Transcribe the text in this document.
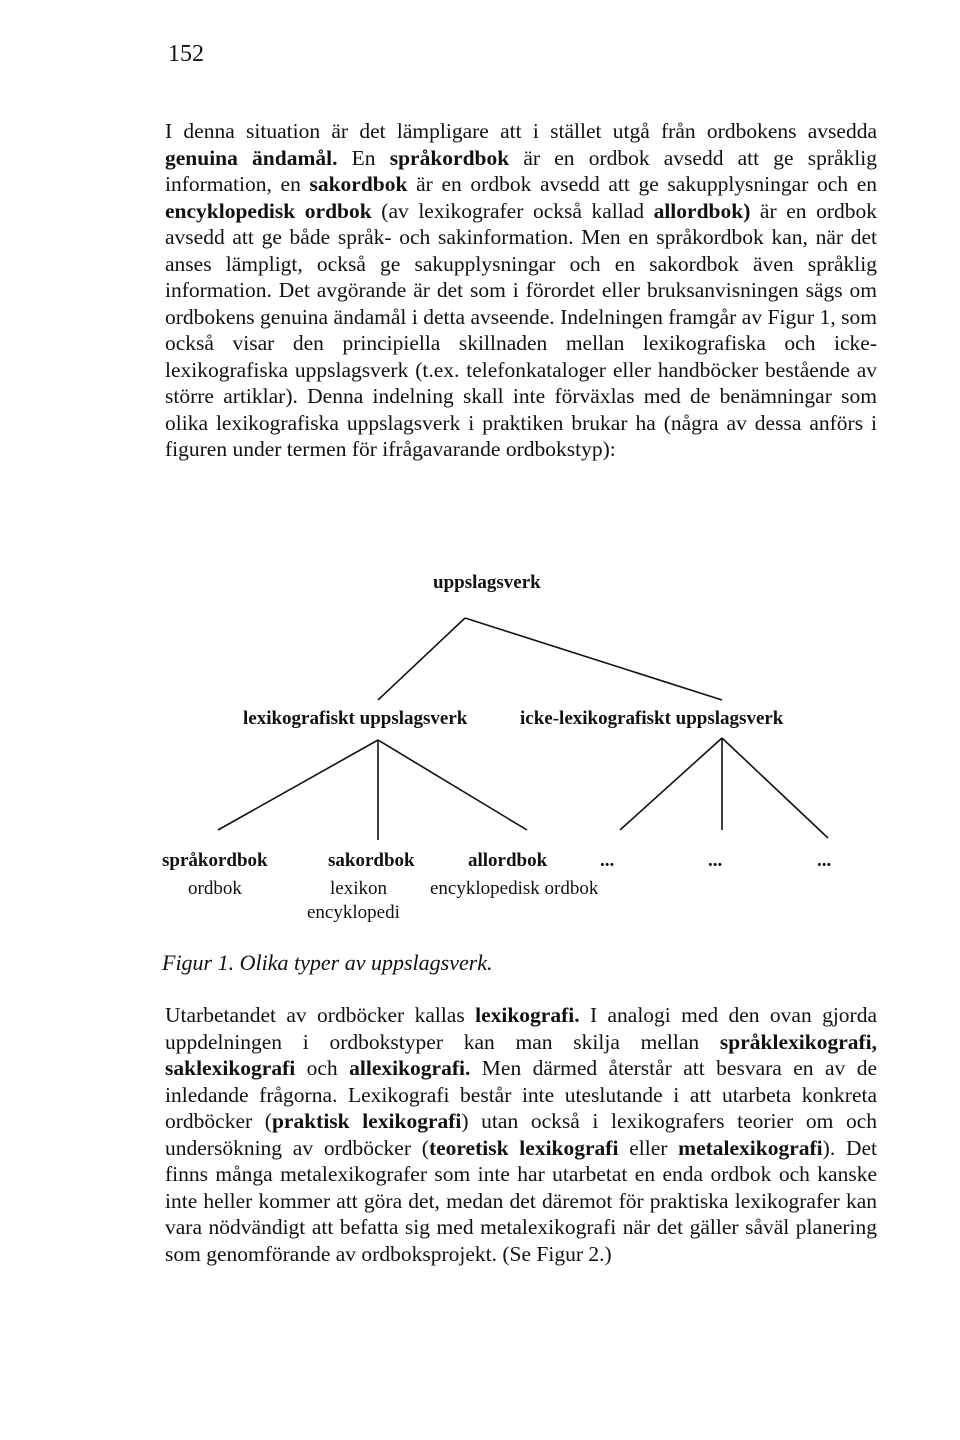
152
I denna situation är det lämpligare att i stället utgå från ordbokens avsedda genuina ändamål. En språkordbok är en ordbok avsedd att ge språklig information, en sakordbok är en ordbok avsedd att ge sakupplysningar och en encyklopedisk ordbok (av lexikografer också kallad allordbok) är en ordbok avsedd att ge både språk- och sakinformation. Men en språkordbok kan, när det anses lämpligt, också ge sakupplysningar och en sakordbok även språklig information. Det avgörande är det som i förordet eller bruksanvisningen sägs om ordbokens genuina ändamål i detta avseende. Indelningen framgår av Figur 1, som också visar den principiella skillnaden mellan lexikografiska och icke-lexikografiska uppslagsverk (t.ex. telefonkataloger eller handböcker bestående av större artiklar). Denna indelning skall inte förväxlas med de benämningar som olika lexikografiska uppslagsverk i praktiken brukar ha (några av dessa anförs i figuren under termen för ifrågavarande ordbokstyp):
uppslagsverk
lexikografiskt uppslagsverk	icke-lexikografiskt uppslagsverk
språkordbok	sakordbok	allordbok	...	...	...
ordbok	lexikon
encyklopedi
encyklopedisk ordbok
Figur 1. Olika typer av uppslagsverk.
Utarbetandet av ordböcker kallas lexikografi. I analogi med den ovan gjorda uppdelningen i ordbokstyper kan man skilja mellan språklexikografi, saklexikografi och allexikografi. Men därmed återstår att besvara en av de inledande frågorna. Lexikografi består inte uteslutande i att utarbeta konkreta ordböcker (praktisk lexikografi) utan också i lexikografers teorier om och undersökning av ordböcker (teoretisk lexikografi eller metalexikografi). Det finns många metalexikografer som inte har utarbetat en enda ordbok och kanske inte heller kommer att göra det, medan det däremot för praktiska lexikografer kan vara nödvändigt att befatta sig med metalexikografi när det gäller såväl planering som genomförande av ordboksprojekt. (Se Figur 2.)
